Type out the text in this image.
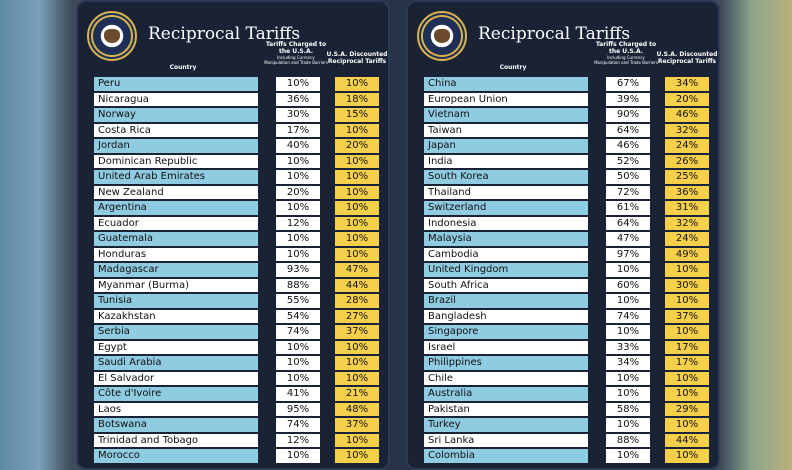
Reciprocal Tariffs
Country
Tariffs Charged to the U.S.A.
Including Currency Manipulation and Trade Barriers
U.S.A. Discounted Reciprocal Tariffs
Peru	10%	10%
Nicaragua	36%	18%
Norway	30%	15%
Costa Rica	17%	10%
Jordan	40%	20%
Dominican Republic	10%	10%
United Arab Emirates	10%	10%
New Zealand	20%	10%
Argentina	10%	10%
Ecuador	12%	10%
Guatemala	10%	10%
Honduras	10%	10%
Madagascar	93%	47%
Myanmar (Burma)	88%	44%
Tunisia	55%	28%
Kazakhstan	54%	27%
Serbia	74%	37%
Egypt	10%	10%
Saudi Arabia	10%	10%
El Salvador	10%	10%
Côte d'Ivoire	41%	21%
Laos	95%	48%
Botswana	74%	37%
Trinidad and Tobago	12%	10%
Morocco	10%	10%
Reciprocal Tariffs
Country
Tariffs Charged to the U.S.A.
Including Currency Manipulation and Trade Barriers
U.S.A. Discounted Reciprocal Tariffs
China	67%	34%
European Union	39%	20%
Vietnam	90%	46%
Taiwan	64%	32%
Japan	46%	24%
India	52%	26%
South Korea	50%	25%
Thailand	72%	36%
Switzerland	61%	31%
Indonesia	64%	32%
Malaysia	47%	24%
Cambodia	97%	49%
United Kingdom	10%	10%
South Africa	60%	30%
Brazil	10%	10%
Bangladesh	74%	37%
Singapore	10%	10%
Israel	33%	17%
Philippines	34%	17%
Chile	10%	10%
Australia	10%	10%
Pakistan	58%	29%
Turkey	10%	10%
Sri Lanka	88%	44%
Colombia	10%	10%
